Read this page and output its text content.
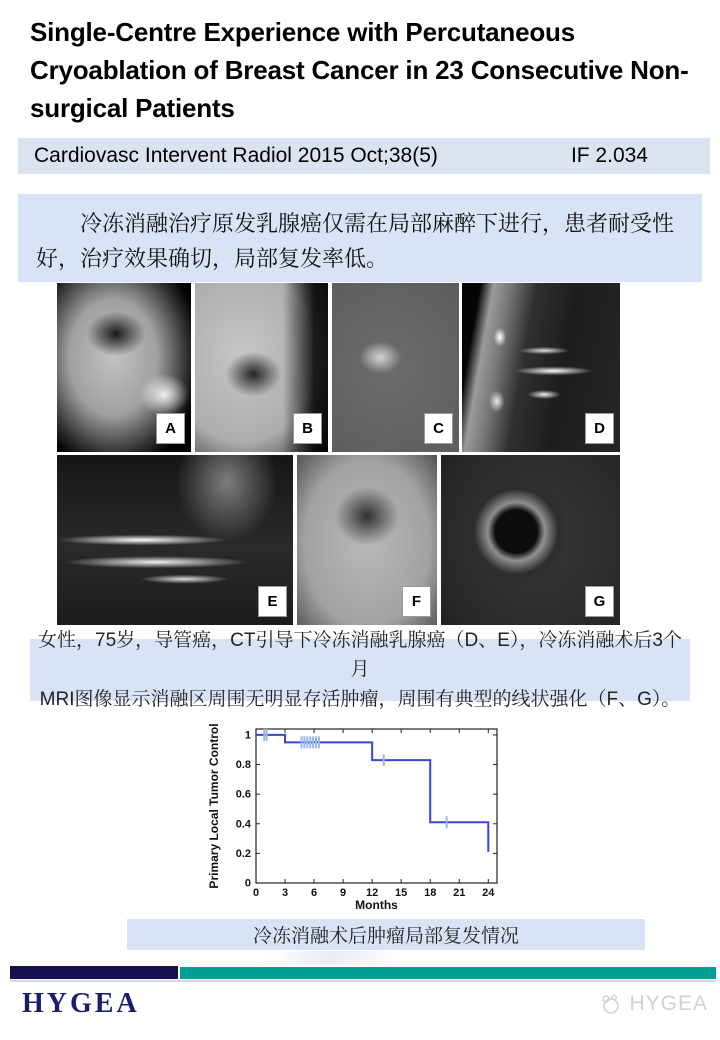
Single-Centre Experience with Percutaneous Cryoablation of Breast Cancer in 23 Consecutive Non-surgical Patients
Cardiovasc Intervent Radiol 2015 Oct;38(5)	IF 2.034

冷冻消融治疗原发乳腺癌仅需在局部麻醉下进行，患者耐受性好，治疗效果确切，局部复发率低。

A	B	C	D
E	F	G
女性，75岁，导管癌，CT引导下冷冻消融乳腺癌（D、E），冷冻消融术后3个月
MRI图像显示消融区周围无明显存活肿瘤，周围有典型的线状强化（F、G）。
0 3 6 9 12 15 18 21 24
0
0.2
0.4
0.6
0.8
1
Months
Primary Local Tumor Control
冷冻消融术后肿瘤局部复发情况
HYGEA	HYGEA
